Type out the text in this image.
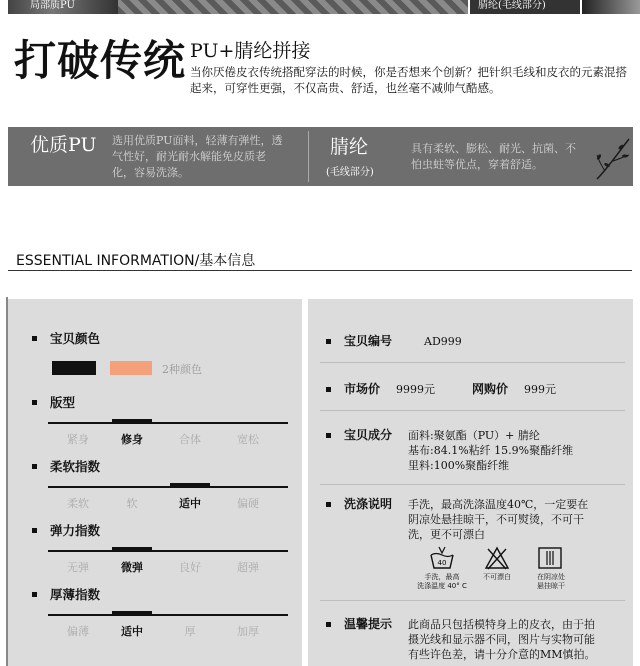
局部质PU	腈纶(毛线部分)
打破传统 PU+腈纶拼接
当你厌倦皮衣传统搭配穿法的时候，你是否想来个创新？把针织毛线和皮衣的元素混搭起来，可穿性更强，不仅高贵、舒适，也丝毫不减帅气酷感。
优质PU 选用优质PU面料，轻薄有弹性，透气性好，耐光耐水解能免皮质老化，容易洗涤。
腈纶
(毛线部分)
具有柔软、膨松、耐光、抗菌、不怕虫蛀等优点，穿着舒适。
ESSENTIAL INFORMATION/基本信息
宝贝颜色
2种颜色
版型
紧身	修身	合体	宽松
柔软指数
柔软	软	适中	偏硬
弹力指数
无弹	微弹	良好	超弹
厚薄指数
偏薄	适中	厚	加厚
宝贝编号	AD999
市场价 9999元	网购价 999元
宝贝成分 面料:聚氨酯（PU）+ 腈纶
基布:84.1%粘纤 15.9%聚酯纤维
里料:100%聚酯纤维
洗涤说明 手洗，最高洗涤温度40℃，一定要在
阴凉处悬挂晾干，不可熨烫，不可干
洗，更不可漂白
40
手洗，最高
洗涤温度 40° C
不可漂白	在阴凉处
悬挂晾干
温馨提示 此商品只包括模特身上的皮衣，由于拍
摄光线和显示器不同，图片与实物可能
有些许色差，请十分介意的MM慎拍。
